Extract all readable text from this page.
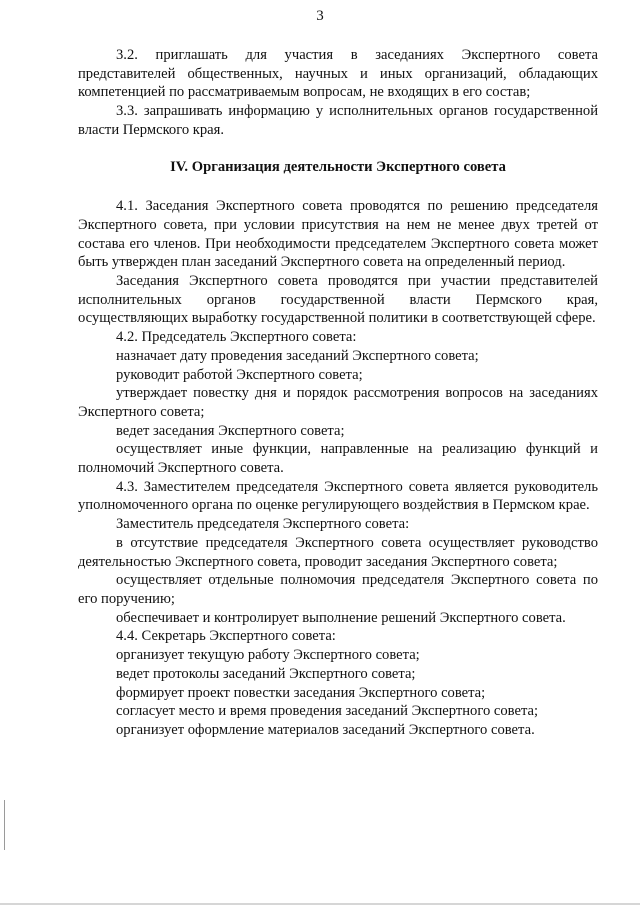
3

3.2. приглашать для участия в заседаниях Экспертного совета представителей общественных, научных и иных организаций, обладающих компетенцией по рассматриваемым вопросам, не входящих в его состав;

3.3. запрашивать информацию у исполнительных органов государственной власти Пермского края.

IV. Организация деятельности Экспертного совета

4.1. Заседания Экспертного совета проводятся по решению председателя Экспертного совета, при условии присутствия на нем не менее двух третей от состава его членов. При необходимости председателем Экспертного совета может быть утвержден план заседаний Экспертного совета на определенный период.

Заседания Экспертного совета проводятся при участии представителей исполнительных органов государственной власти Пермского края, осуществляющих выработку государственной политики в соответствующей сфере.

4.2. Председатель Экспертного совета:

назначает дату проведения заседаний Экспертного совета;

руководит работой Экспертного совета;

утверждает повестку дня и порядок рассмотрения вопросов на заседаниях Экспертного совета;

ведет заседания Экспертного совета;

осуществляет иные функции, направленные на реализацию функций и полномочий Экспертного совета.

4.3. Заместителем председателя Экспертного совета является руководитель уполномоченного органа по оценке регулирующего воздействия в Пермском крае.

Заместитель председателя Экспертного совета:

в отсутствие председателя Экспертного совета осуществляет руководство деятельностью Экспертного совета, проводит заседания Экспертного совета;

осуществляет отдельные полномочия председателя Экспертного совета по его поручению;

обеспечивает и контролирует выполнение решений Экспертного совета.

4.4. Секретарь Экспертного совета:

организует текущую работу Экспертного совета;

ведет протоколы заседаний Экспертного совета;

формирует проект повестки заседания Экспертного совета;

согласует место и время проведения заседаний Экспертного совета;

организует оформление материалов заседаний Экспертного совета.
